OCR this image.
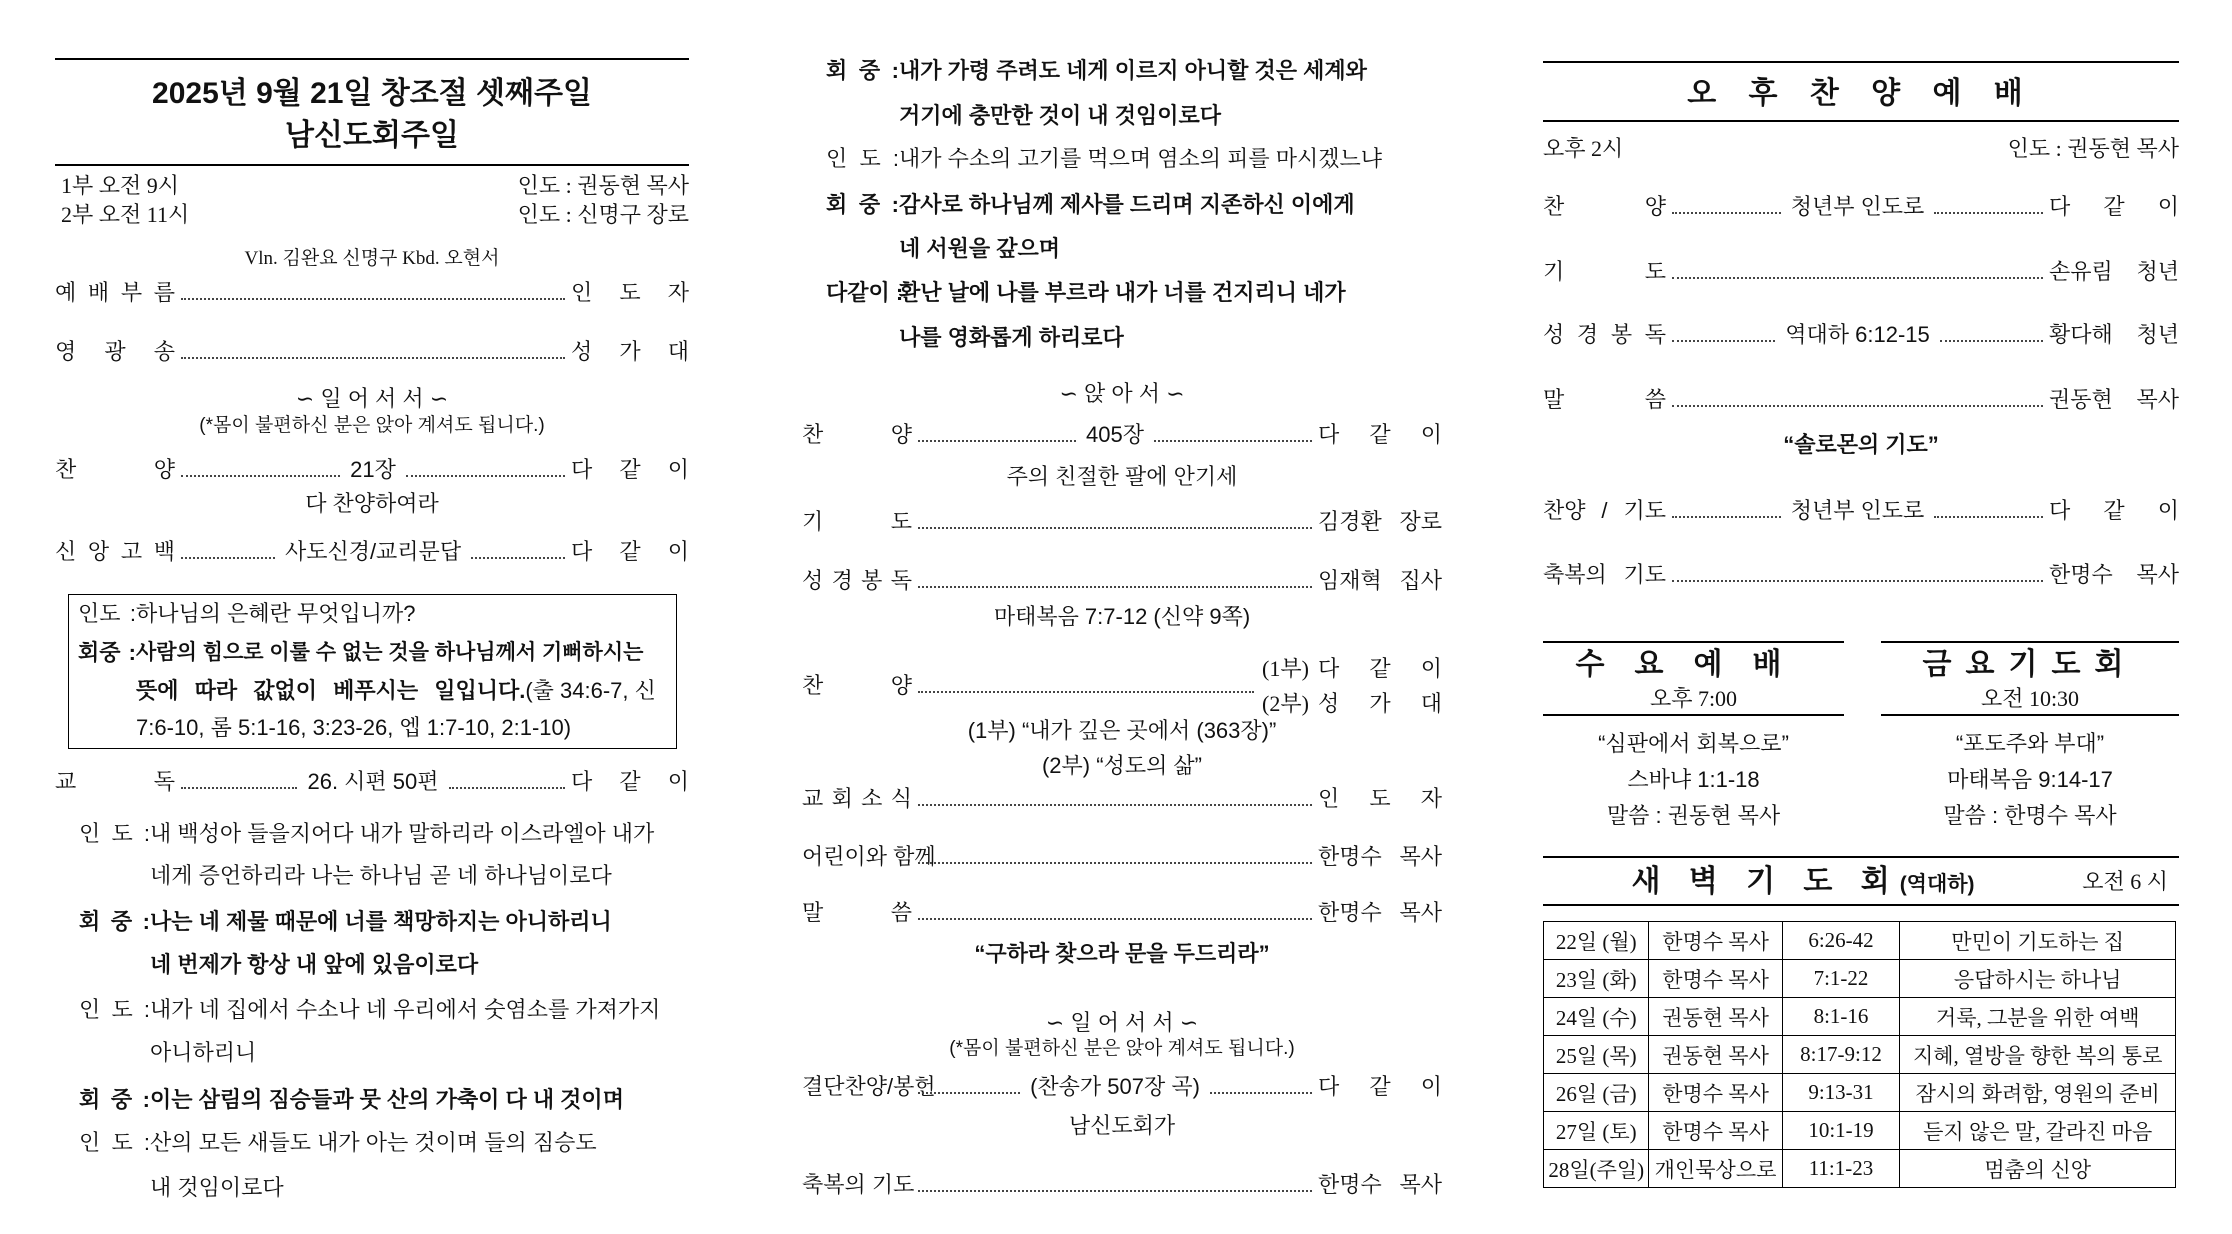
2025년 9월 21일 창조절 셋째주일
남신도회주일
1부 오전 9시	인도 : 권동현 목사
2부 오전 11시	인도 : 신명구 장로
Vln. 김완요 신명구 Kbd. 오현서
예 배 부 름	인 도 자
영 광 송	성 가 대
∽ 일 어 서 서 ∽
(*몸이 불편하신 분은 앉아 계셔도 됩니다.)
찬 양	21장	다 같 이
다 찬양하여라
신 앙 고 백	사도신경/교리문답	다 같 이
인도 : 하나님의 은혜란 무엇입니까?
회중 : 사람의 힘으로 이룰 수 없는 것을 하나님께서 기뻐하시는
뜻에 따라 값없이 베푸시는 일입니다. (출 34:6-7, 신
7:6-10, 롬 5:1-16, 3:23-26, 엡 1:7-10, 2:1-10)
교 독	26. 시편 50편	다 같 이
인 도 : 내 백성아 들을지어다 내가 말하리라 이스라엘아 내가
네게 증언하리라 나는 하나님 곧 네 하나님이로다
회 중 : 나는 네 제물 때문에 너를 책망하지는 아니하리니
네 번제가 항상 내 앞에 있음이로다
인 도 : 내가 네 집에서 수소나 네 우리에서 숫염소를 가져가지
아니하리니
회 중 : 이는 삼림의 짐승들과 뭇 산의 가축이 다 내 것이며
인 도 : 산의 모든 새들도 내가 아는 것이며 들의 짐승도
내 것임이로다
회 중 : 내가 가령 주려도 네게 이르지 아니할 것은 세계와
거기에 충만한 것이 내 것임이로다
인 도 : 내가 수소의 고기를 먹으며 염소의 피를 마시겠느냐
회 중 : 감사로 하나님께 제사를 드리며 지존하신 이에게
네 서원을 갚으며
다같이 :
환난 날에 나를 부르라 내가 너를 건지리니 네가
나를 영화롭게 하리로다
∽ 앉 아 서 ∽
찬 양	405장	다 같 이
주의 친절한 팔에 안기세
기 도	김경환 장로
성 경 봉 독	임재혁 집사
마태복음 7:7-12 (신약 9쪽)
찬 양
(1부) 다 같 이
(2부) 성 가 대
(1부) “내가 깊은 곳에서 (363장)”
(2부) “성도의 삶”
교 회 소 식	인 도 자
어린이와 함께	한명수 목사
말 씀	한명수 목사
“구하라 찾으라 문을 두드리라”
∽ 일 어 서 서 ∽
(*몸이 불편하신 분은 앉아 계셔도 됩니다.)
결단찬양/봉헌	(찬송가 507장 곡)	다 같 이
남신도회가
축복의 기도	한명수 목사
오 후 찬 양 예 배
오후 2시	인도 : 권동현 목사
찬 양	청년부 인도로	다 같 이
기 도	손유림 청년
성 경 봉 독	역대하 6:12-15	황다해 청년
말 씀	권동현 목사
“솔로몬의 기도”
찬양 / 기도	청년부 인도로	다 같 이
축복의 기도	한명수 목사
수요예배
오후 7:00
“심판에서 회복으로”
스바냐 1:1-18
말씀 : 권동현 목사
금요기도회
오전 10:30
“포도주와 부대”
마태복음 9:14-17
말씀 : 한명수 목사
새 벽 기 도 회(역대하)	오전 6 시
22일 (월)	한명수 목사	6:26-42	만민이 기도하는 집
23일 (화)	한명수 목사	7:1-22	응답하시는 하나님
24일 (수)	권동현 목사	8:1-16	거룩, 그분을 위한 여백
25일 (목)	권동현 목사	8:17-9:12	지혜, 열방을 향한 복의 통로
26일 (금)	한명수 목사	9:13-31	잠시의 화려함, 영원의 준비
27일 (토)	한명수 목사	10:1-19	듣지 않은 말, 갈라진 마음
28일(주일)	개인묵상으로	11:1-23	멈춤의 신앙
